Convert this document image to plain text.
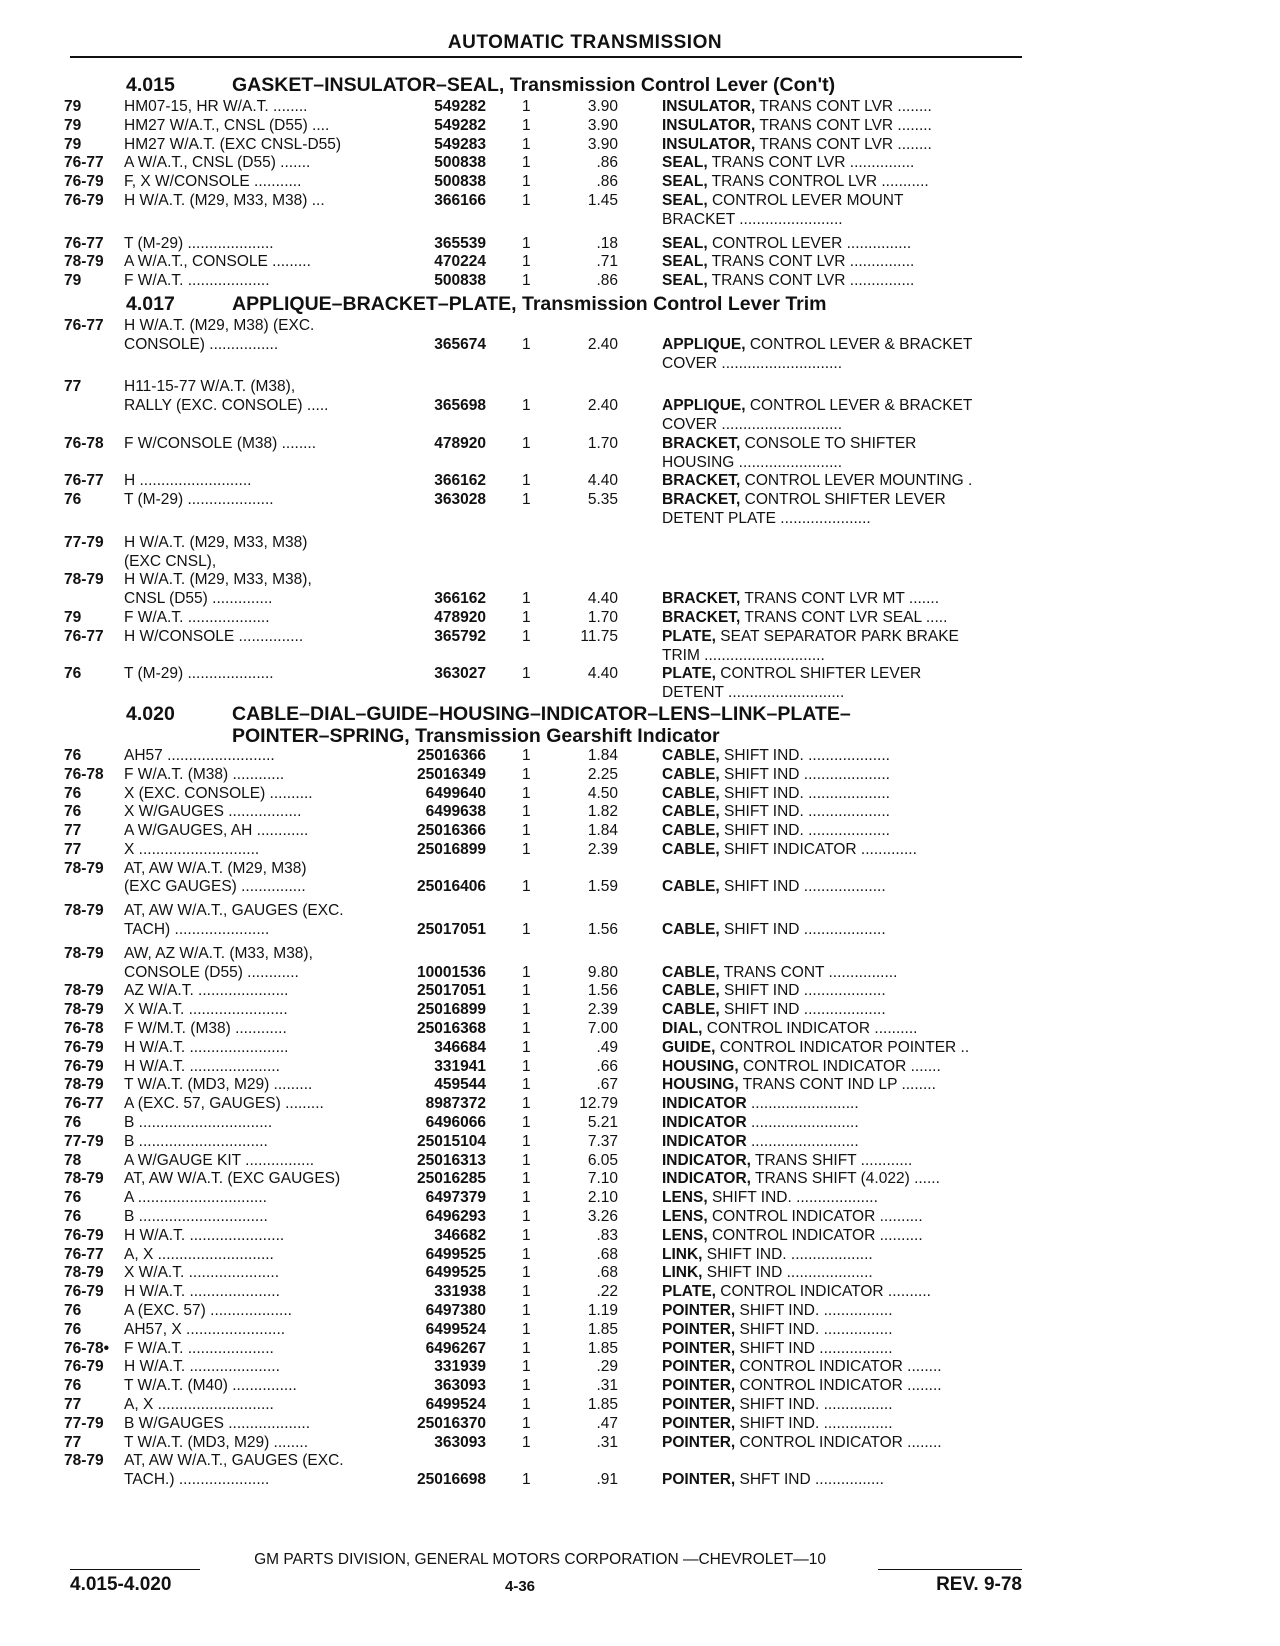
AUTOMATIC TRANSMISSION
4.015	GASKET–INSULATOR–SEAL, Transmission Control Lever (Con't)
79	HM07-15, HR W/A.T. ........	549282 1	3.90	INSULATOR, TRANS CONT LVR ........
79	HM27 W/A.T., CNSL (D55) ....	549282 1	3.90	INSULATOR, TRANS CONT LVR ........
79	HM27 W/A.T. (EXC CNSL-D55)	549283 1	3.90	INSULATOR, TRANS CONT LVR ........
76-77	A W/A.T., CNSL (D55) .......	500838 1	.86	SEAL, TRANS CONT LVR ...............
76-79	F, X W/CONSOLE ...........	500838 1	.86	SEAL, TRANS CONTROL LVR ...........
76-79	H W/A.T. (M29, M33, M38) ...	366166 1	1.45	SEAL, CONTROL LEVER MOUNT
BRACKET ........................
76-77	T (M-29) ....................	365539 1	.18	SEAL, CONTROL LEVER ...............
78-79	A W/A.T., CONSOLE .........	470224 1	.71	SEAL, TRANS CONT LVR ...............
79	F W/A.T. ...................	500838 1	.86	SEAL, TRANS CONT LVR ...............
4.017	APPLIQUE–BRACKET–PLATE, Transmission Control Lever Trim
76-77	H W/A.T. (M29, M38) (EXC.
CONSOLE) ................	365674 1	2.40	APPLIQUE, CONTROL LEVER & BRACKET
COVER ............................
77	H11-15-77 W/A.T. (M38),
RALLY (EXC. CONSOLE) .....	365698 1	2.40	APPLIQUE, CONTROL LEVER & BRACKET
COVER ............................
76-78	F W/CONSOLE (M38) ........	478920 1	1.70	BRACKET, CONSOLE TO SHIFTER
HOUSING ........................
76-77	H ..........................	366162 1	4.40	BRACKET, CONTROL LEVER MOUNTING .
76	T (M-29) ....................	363028 1	5.35	BRACKET, CONTROL SHIFTER LEVER
DETENT PLATE .....................
77-79	H W/A.T. (M29, M33, M38)
(EXC CNSL),
78-79	H W/A.T. (M29, M33, M38),
CNSL (D55) ..............	366162 1	4.40	BRACKET, TRANS CONT LVR MT .......
79	F W/A.T. ...................	478920 1	1.70	BRACKET, TRANS CONT LVR SEAL .....
76-77	H W/CONSOLE ...............	365792 1	11.75	PLATE, SEAT SEPARATOR PARK BRAKE
TRIM ............................
76	T (M-29) ....................	363027 1	4.40	PLATE, CONTROL SHIFTER LEVER
DETENT ...........................
4.020	CABLE–DIAL–GUIDE–HOUSING–INDICATOR–LENS–LINK–PLATE–
POINTER–SPRING, Transmission Gearshift Indicator
76	AH57 .........................	25016366 1	1.84	CABLE, SHIFT IND. ...................
76-78	F W/A.T. (M38) ............	25016349 1	2.25	CABLE, SHIFT IND ....................
76	X (EXC. CONSOLE) ..........	6499640 1	4.50	CABLE, SHIFT IND. ...................
76	X W/GAUGES .................	6499638 1	1.82	CABLE, SHIFT IND. ...................
77	A W/GAUGES, AH ............	25016366 1	1.84	CABLE, SHIFT IND. ...................
77	X ............................	25016899 1	2.39	CABLE, SHIFT INDICATOR .............
78-79	AT, AW W/A.T. (M29, M38)
(EXC GAUGES) ...............	25016406 1	1.59	CABLE, SHIFT IND ...................
78-79	AT, AW W/A.T., GAUGES (EXC.
TACH) ......................	25017051 1	1.56	CABLE, SHIFT IND ...................
78-79	AW, AZ W/A.T. (M33, M38),
CONSOLE (D55) ............	10001536 1	9.80	CABLE, TRANS CONT ................
78-79	AZ W/A.T. .....................	25017051 1	1.56	CABLE, SHIFT IND ...................
78-79	X W/A.T. .......................	25016899 1	2.39	CABLE, SHIFT IND ...................
76-78	F W/M.T. (M38) ............	25016368 1	7.00	DIAL, CONTROL INDICATOR ..........
76-79	H W/A.T. .......................	346684 1	.49	GUIDE, CONTROL INDICATOR POINTER ..
76-79	H W/A.T. .....................	331941 1	.66	HOUSING, CONTROL INDICATOR .......
78-79	T W/A.T. (MD3, M29) .........	459544 1	.67	HOUSING, TRANS CONT IND LP ........
76-77	A (EXC. 57, GAUGES) .........	8987372 1	12.79	INDICATOR .........................
76	B ...............................	6496066 1	5.21	INDICATOR .........................
77-79	B ..............................	25015104 1	7.37	INDICATOR .........................
78	A W/GAUGE KIT ................	25016313 1	6.05	INDICATOR, TRANS SHIFT ............
78-79	AT, AW W/A.T. (EXC GAUGES)	25016285 1	7.10	INDICATOR, TRANS SHIFT (4.022) ......
76	A ..............................	6497379 1	2.10	LENS, SHIFT IND. ...................
76	B ..............................	6496293 1	3.26	LENS, CONTROL INDICATOR ..........
76-79	H W/A.T. ......................	346682 1	.83	LENS, CONTROL INDICATOR ..........
76-77	A, X ...........................	6499525 1	.68	LINK, SHIFT IND. ...................
78-79	X W/A.T. .....................	6499525 1	.68	LINK, SHIFT IND ....................
76-79	H W/A.T. .....................	331938 1	.22	PLATE, CONTROL INDICATOR ..........
76	A (EXC. 57) ...................	6497380 1	1.19	POINTER, SHIFT IND. ................
76	AH57, X .......................	6499524 1	1.85	POINTER, SHIFT IND. ................
76-78• F W/A.T. ....................	6496267 1	1.85	POINTER, SHIFT IND .................
76-79	H W/A.T. .....................	331939 1	.29	POINTER, CONTROL INDICATOR ........
76	T W/A.T. (M40) ...............	363093 1	.31	POINTER, CONTROL INDICATOR ........
77	A, X ...........................	6499524 1	1.85	POINTER, SHIFT IND. ................
77-79	B W/GAUGES ...................	25016370 1	.47	POINTER, SHIFT IND. ................
77	T W/A.T. (MD3, M29) ........	363093 1	.31	POINTER, CONTROL INDICATOR ........
78-79	AT, AW W/A.T., GAUGES (EXC.
TACH.) .....................	25016698 1	.91	POINTER, SHFT IND ................
GM PARTS DIVISION, GENERAL MOTORS CORPORATION —CHEVROLET—10
4.015-4.020	4-36	REV. 9-78
